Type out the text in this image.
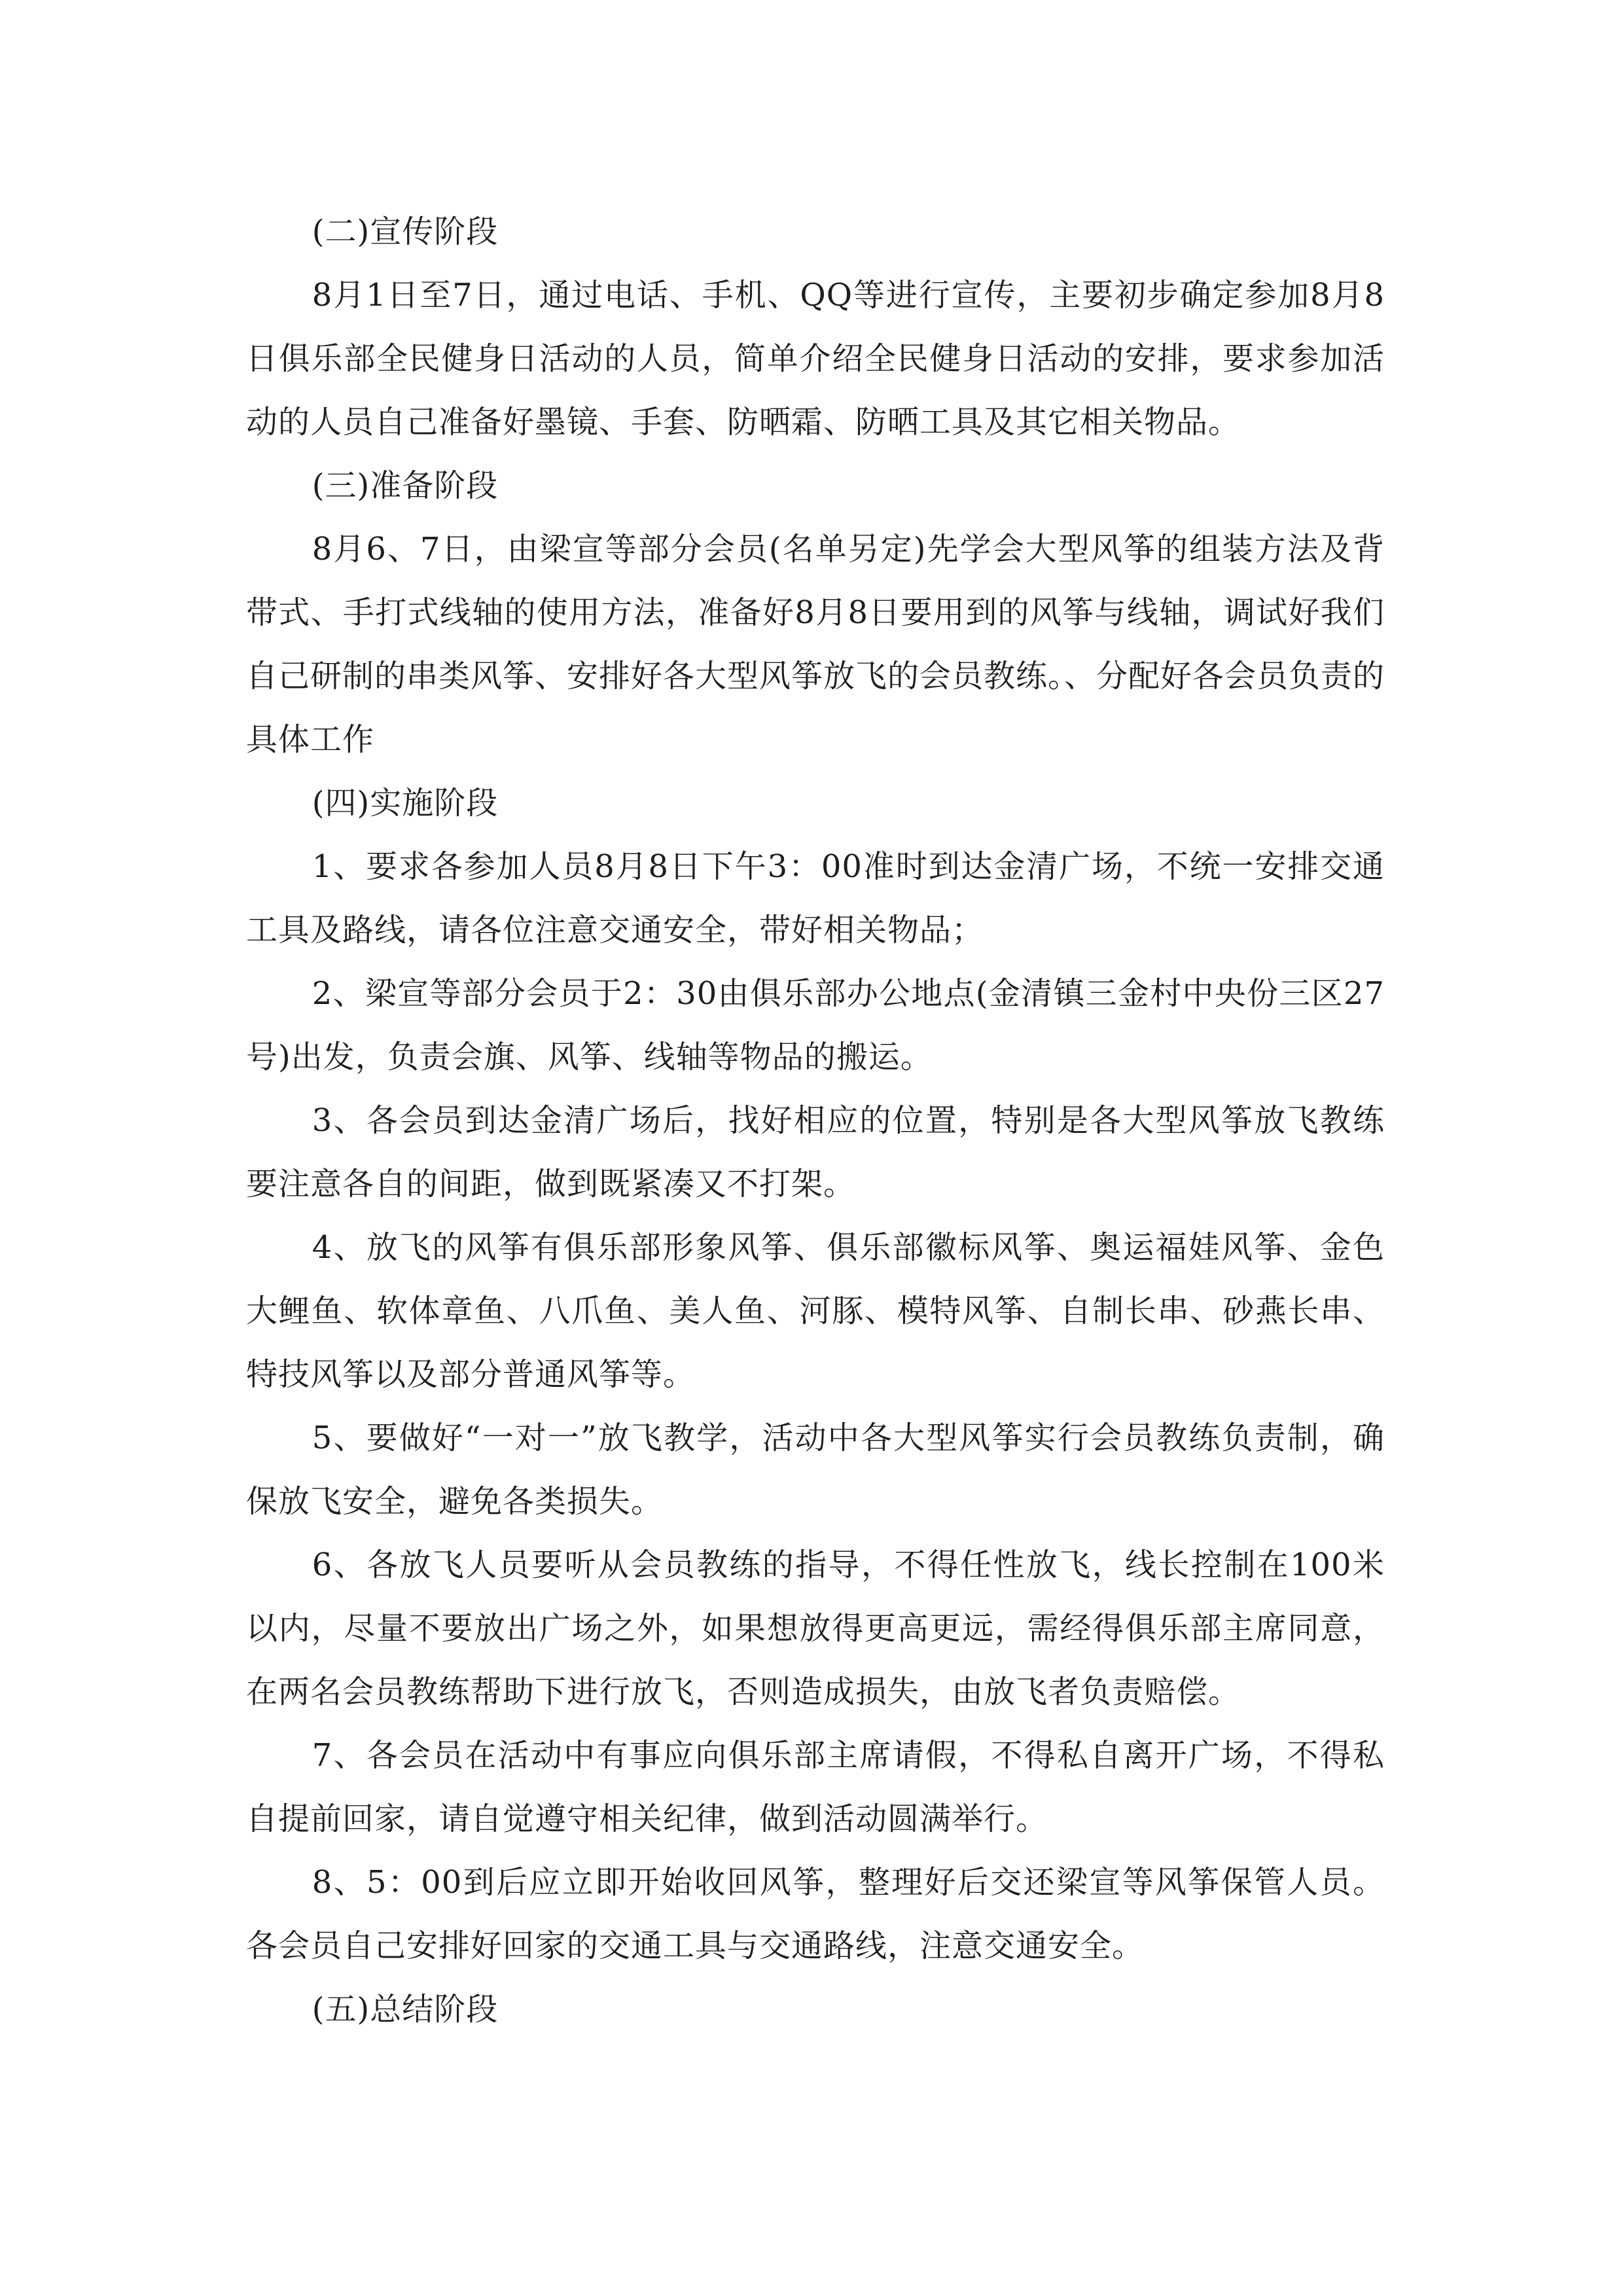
(二)宣传阶段

8月1日至7日，通过电话、手机、QQ等进行宣传，主要初步确定参加8月8日俱乐部全民健身日活动的人员，简单介绍全民健身日活动的安排，要求参加活动的人员自己准备好墨镜、手套、防晒霜、防晒工具及其它相关物品。

(三)准备阶段

8月6、7日，由梁宣等部分会员(名单另定)先学会大型风筝的组装方法及背带式、手打式线轴的使用方法，准备好8月8日要用到的风筝与线轴，调试好我们自己研制的串类风筝、安排好各大型风筝放飞的会员教练。、分配好各会员负责的具体工作

(四)实施阶段

1、要求各参加人员8月8日下午3：00准时到达金清广场，不统一安排交通工具及路线，请各位注意交通安全，带好相关物品；

2、梁宣等部分会员于2：30由俱乐部办公地点(金清镇三金村中央份三区27号)出发，负责会旗、风筝、线轴等物品的搬运。

3、各会员到达金清广场后，找好相应的位置，特别是各大型风筝放飞教练要注意各自的间距，做到既紧凑又不打架。

4、放飞的风筝有俱乐部形象风筝、俱乐部徽标风筝、奥运福娃风筝、金色大鲤鱼、软体章鱼、八爪鱼、美人鱼、河豚、模特风筝、自制长串、砂燕长串、特技风筝以及部分普通风筝等。

5、要做好“一对一”放飞教学，活动中各大型风筝实行会员教练负责制，确保放飞安全，避免各类损失。

6、各放飞人员要听从会员教练的指导，不得任性放飞，线长控制在100米以内，尽量不要放出广场之外，如果想放得更高更远，需经得俱乐部主席同意，在两名会员教练帮助下进行放飞，否则造成损失，由放飞者负责赔偿。

7、各会员在活动中有事应向俱乐部主席请假，不得私自离开广场，不得私自提前回家，请自觉遵守相关纪律，做到活动圆满举行。

8、5：00到后应立即开始收回风筝，整理好后交还梁宣等风筝保管人员。各会员自己安排好回家的交通工具与交通路线，注意交通安全。

(五)总结阶段
